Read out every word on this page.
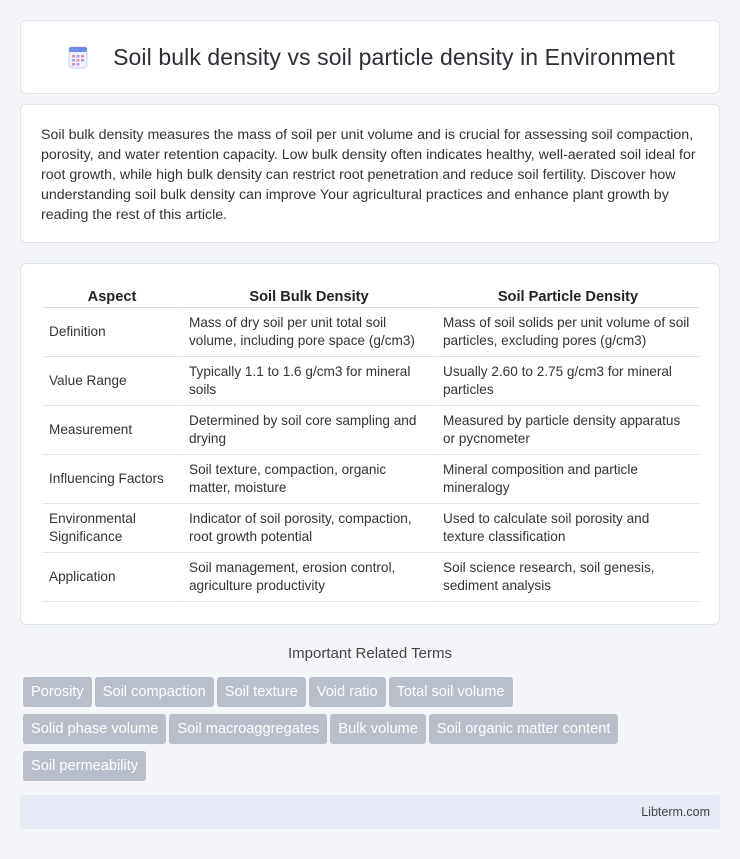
Soil bulk density vs soil particle density in Environment

Soil bulk density measures the mass of soil per unit volume and is crucial for assessing soil compaction, porosity, and water retention capacity. Low bulk density often indicates healthy, well-aerated soil ideal for root growth, while high bulk density can restrict root penetration and reduce soil fertility. Discover how understanding soil bulk density can improve Your agricultural practices and enhance plant growth by reading the rest of this article.

Aspect	Soil Bulk Density	Soil Particle Density
Definition	Mass of dry soil per unit total soil volume, including pore space (g/cm3)	Mass of soil solids per unit volume of soil particles, excluding pores (g/cm3)
Value Range	Typically 1.1 to 1.6 g/cm3 for mineral soils	Usually 2.60 to 2.75 g/cm3 for mineral particles
Measurement	Determined by soil core sampling and drying	Measured by particle density apparatus or pycnometer
Influencing Factors	Soil texture, compaction, organic matter, moisture	Mineral composition and particle mineralogy
Environmental Significance	Indicator of soil porosity, compaction, root growth potential	Used to calculate soil porosity and texture classification
Application	Soil management, erosion control, agriculture productivity	Soil science research, soil genesis, sediment analysis
Important Related Terms
Porosity Soil compaction Soil texture Void ratio Total soil volume
Solid phase volume Soil macroaggregates Bulk volume Soil organic matter content
Soil permeability
Libterm.com
